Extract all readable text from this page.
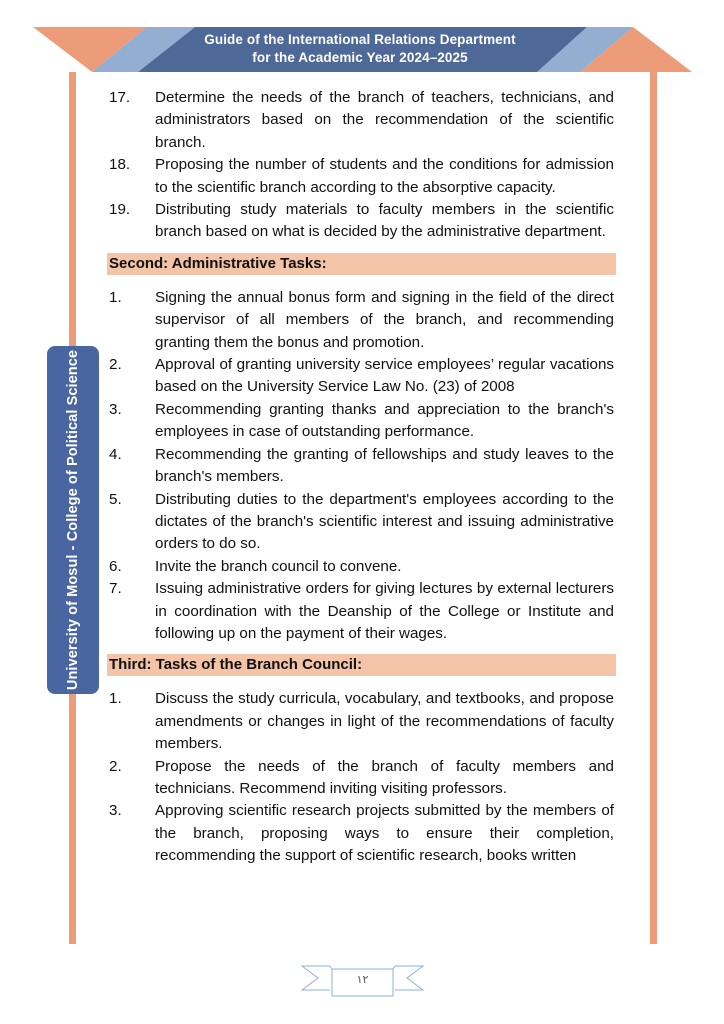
Guide of the International Relations Department
for the Academic Year 2024–2025
University of Mosul - College of Political Science
17.	Determine the needs of the branch of teachers, technicians, and administrators based on the recommendation of the scientific branch.
18.	Proposing the number of students and the conditions for admission to the scientific branch according to the absorptive capacity.
19.	Distributing study materials to faculty members in the scientific branch based on what is decided by the administrative department.
Second: Administrative Tasks:
1.	Signing the annual bonus form and signing in the field of the direct supervisor of all members of the branch, and recommending granting them the bonus and promotion.
2.	Approval of granting university service employees’ regular vacations based on the University Service Law No. (23) of 2008
3.	Recommending granting thanks and appreciation to the branch's employees in case of outstanding performance.
4.	Recommending the granting of fellowships and study leaves to the branch's members.
5.	Distributing duties to the department's employees according to the dictates of the branch's scientific interest and issuing administrative orders to do so.
6.	Invite the branch council to convene.
7.	Issuing administrative orders for giving lectures by external lecturers in coordination with the Deanship of the College or Institute and following up on the payment of their wages.
Third: Tasks of the Branch Council:
1.	Discuss the study curricula, vocabulary, and textbooks, and propose amendments or changes in light of the recommendations of faculty members.
2.	Propose the needs of the branch of faculty members and technicians. Recommend inviting visiting professors.
3.	Approving scientific research projects submitted by the members of the branch, proposing ways to ensure their completion, recommending the support of scientific research, books written
١٢
